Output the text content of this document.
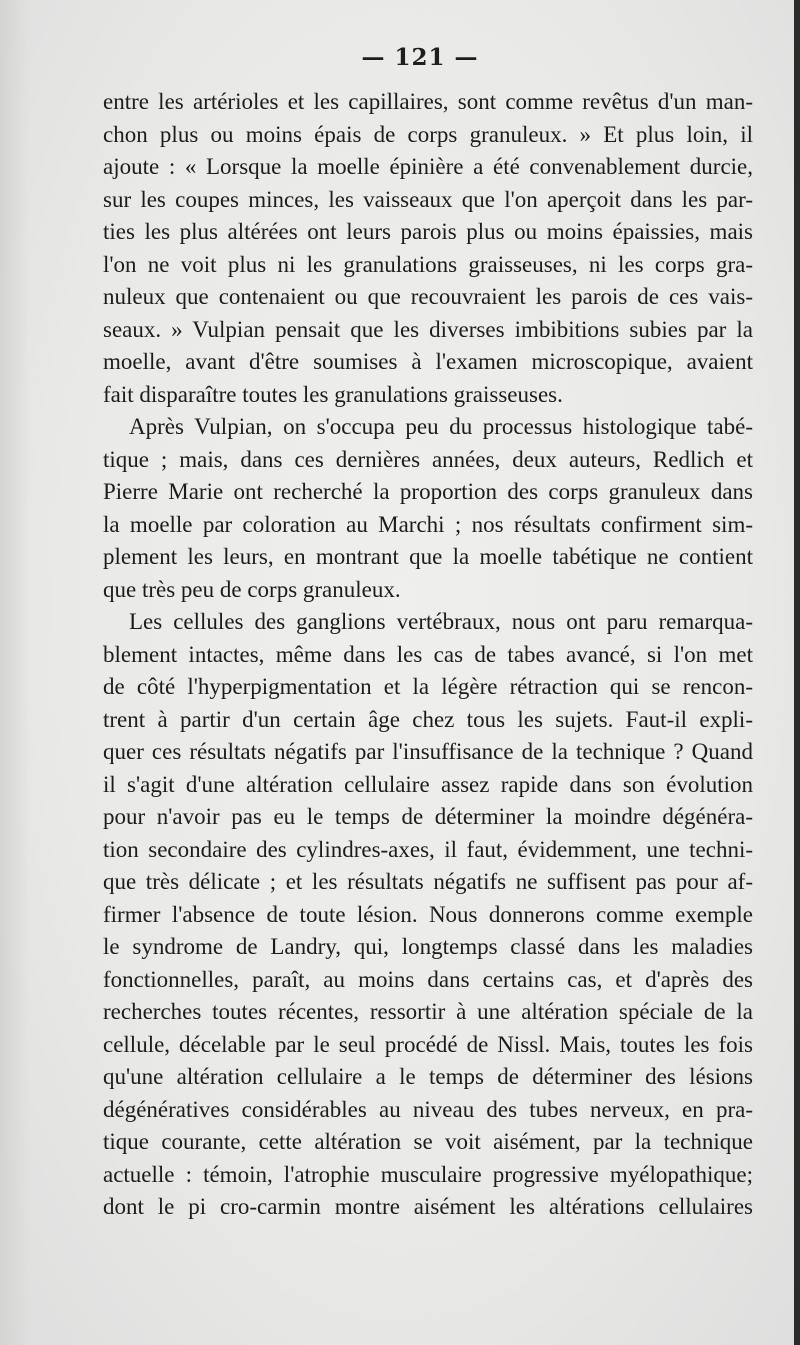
— 121 —
entre les artérioles et les capillaires, sont comme revêtus d'un man-
chon plus ou moins épais de corps granuleux. » Et plus loin, il
ajoute : « Lorsque la moelle épinière a été convenablement durcie,
sur les coupes minces, les vaisseaux que l'on aperçoit dans les par-
ties les plus altérées ont leurs parois plus ou moins épaissies, mais
l'on ne voit plus ni les granulations graisseuses, ni les corps gra-
nuleux que contenaient ou que recouvraient les parois de ces vais-
seaux. » Vulpian pensait que les diverses imbibitions subies par la
moelle, avant d'être soumises à l'examen microscopique, avaient
fait disparaître toutes les granulations graisseuses.
Après Vulpian, on s'occupa peu du processus histologique tabé-
tique ; mais, dans ces dernières années, deux auteurs, Redlich et
Pierre Marie ont recherché la proportion des corps granuleux dans
la moelle par coloration au Marchi ; nos résultats confirment sim-
plement les leurs, en montrant que la moelle tabétique ne contient
que très peu de corps granuleux.
Les cellules des ganglions vertébraux, nous ont paru remarqua-
blement intactes, même dans les cas de tabes avancé, si l'on met
de côté l'hyperpigmentation et la légère rétraction qui se rencon-
trent à partir d'un certain âge chez tous les sujets. Faut-il expli-
quer ces résultats négatifs par l'insuffisance de la technique ? Quand
il s'agit d'une altération cellulaire assez rapide dans son évolution
pour n'avoir pas eu le temps de déterminer la moindre dégénéra-
tion secondaire des cylindres-axes, il faut, évidemment, une techni-
que très délicate ; et les résultats négatifs ne suffisent pas pour af-
firmer l'absence de toute lésion. Nous donnerons comme exemple
le syndrome de Landry, qui, longtemps classé dans les maladies
fonctionnelles, paraît, au moins dans certains cas, et d'après des
recherches toutes récentes, ressortir à une altération spéciale de la
cellule, décelable par le seul procédé de Nissl. Mais, toutes les fois
qu'une altération cellulaire a le temps de déterminer des lésions
dégénératives considérables au niveau des tubes nerveux, en pra-
tique courante, cette altération se voit aisément, par la technique
actuelle : témoin, l'atrophie musculaire progressive myélopathique;
dont le pi cro-carmin montre aisément les altérations cellulaires
